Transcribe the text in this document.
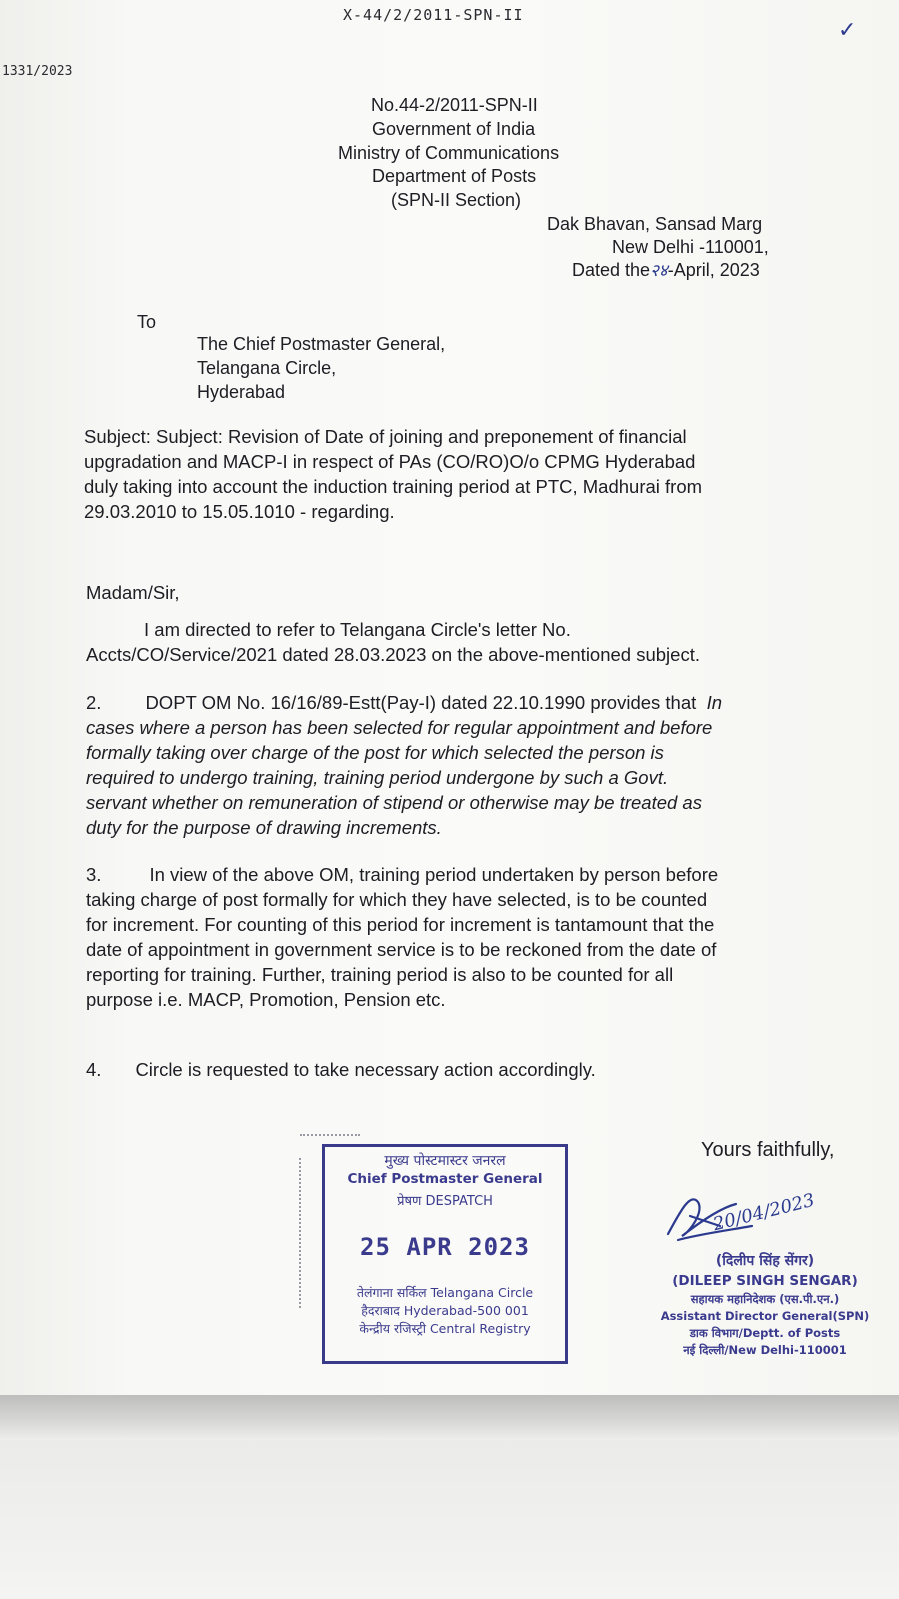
X-44/2/2011-SPN-II
✓
1331/2023
No.44-2/2011-SPN-II
Government of India
Ministry of Communications
Department of Posts
(SPN-II Section)
Dak Bhavan, Sansad Marg
New Delhi -110001,
Dated the२४-April, 2023
To
The Chief Postmaster General,
Telangana Circle,
Hyderabad
Subject: Subject: Revision of Date of joining and preponement of financial
upgradation and MACP-I in respect of PAs (CO/RO)O/o CPMG Hyderabad
duly taking into account the induction training period at PTC, Madhurai from
29.03.2010 to 15.05.1010 - regarding.
Madam/Sir,
I am directed to refer to Telangana Circle's letter No.
Accts/CO/Service/2021 dated 28.03.2023 on the above-mentioned subject.
2. DOPT OM No. 16/16/89-Estt(Pay-I) dated 22.10.1990 provides that In
cases where a person has been selected for regular appointment and before
formally taking over charge of the post for which selected the person is
required to undergo training, training period undergone by such a Govt.
servant whether on remuneration of stipend or otherwise may be treated as
duty for the purpose of drawing increments.
3.	In view of the above OM, training period undertaken by person before
taking charge of post formally for which they have selected, is to be counted
for increment. For counting of this period for increment is tantamount that the
date of appointment in government service is to be reckoned from the date of
reporting for training. Further, training period is also to be counted for all
purpose i.e. MACP, Promotion, Pension etc.
4. Circle is requested to take necessary action accordingly.
मुख्य पोस्टमास्टर जनरल
Chief Postmaster General
प्रेषण DESPATCH
25 APR 2023
तेलंगाना सर्किल Telangana Circle
हैदराबाद Hyderabad-500 001
केन्द्रीय रजिस्ट्री Central Registry
Yours faithfully,
20/04/2023
(दिलीप सिंह सेंगर)
(DILEEP SINGH SENGAR)
सहायक महानिदेशक (एस.पी.एन.)
Assistant Director General(SPN)
डाक विभाग/Deptt. of Posts
नई दिल्ली/New Delhi-110001
